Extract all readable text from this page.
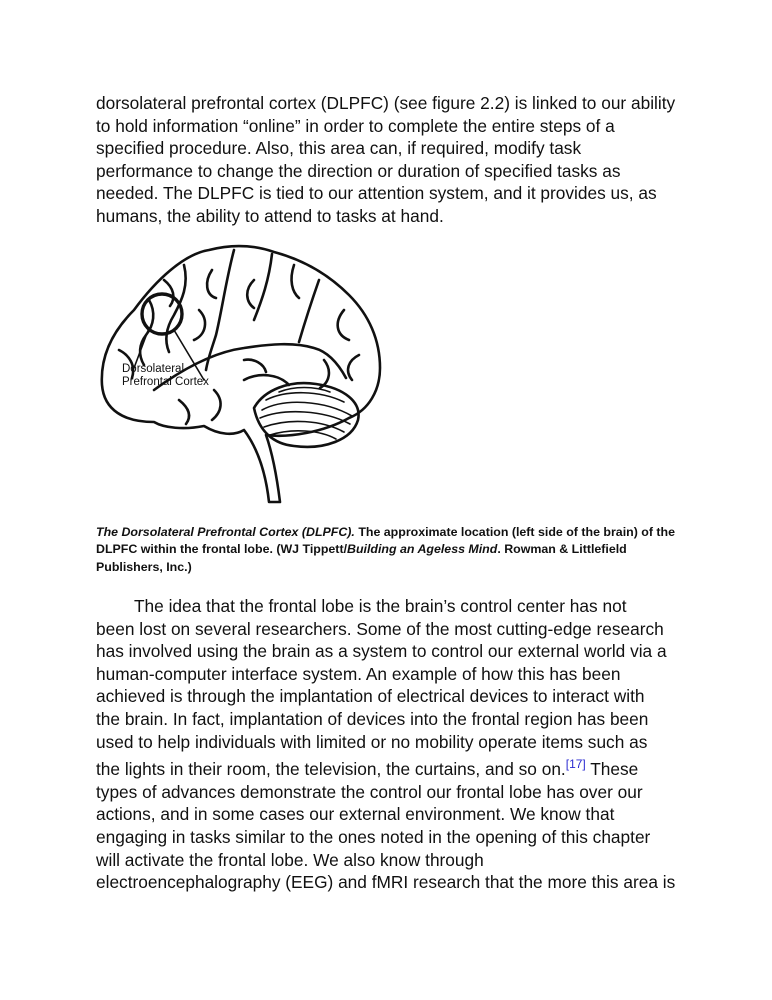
dorsolateral prefrontal cortex (DLPFC) (see figure 2.2) is linked to our ability
to hold information “online” in order to complete the entire steps of a
specified procedure. Also, this area can, if required, modify task
performance to change the direction or duration of specified tasks as
needed. The DLPFC is tied to our attention system, and it provides us, as
humans, the ability to attend to tasks at hand.

Dorsolateral
Prefrontal Cortex

The Dorsolateral Prefrontal Cortex (DLPFC). The approximate location (left side of the brain) of the
DLPFC within the frontal lobe. (WJ Tippett/Building an Ageless Mind. Rowman & Littlefield
Publishers, Inc.)

The idea that the frontal lobe is the brain’s control center has not
been lost on several researchers. Some of the most cutting-edge research
has involved using the brain as a system to control our external world via a
human-computer interface system. An example of how this has been
achieved is through the implantation of electrical devices to interact with
the brain. In fact, implantation of devices into the frontal region has been
used to help individuals with limited or no mobility operate items such as
the lights in their room, the television, the curtains, and so on.[17] These
types of advances demonstrate the control our frontal lobe has over our
actions, and in some cases our external environment. We know that
engaging in tasks similar to the ones noted in the opening of this chapter
will activate the frontal lobe. We also know through
electroencephalography (EEG) and fMRI research that the more this area is
